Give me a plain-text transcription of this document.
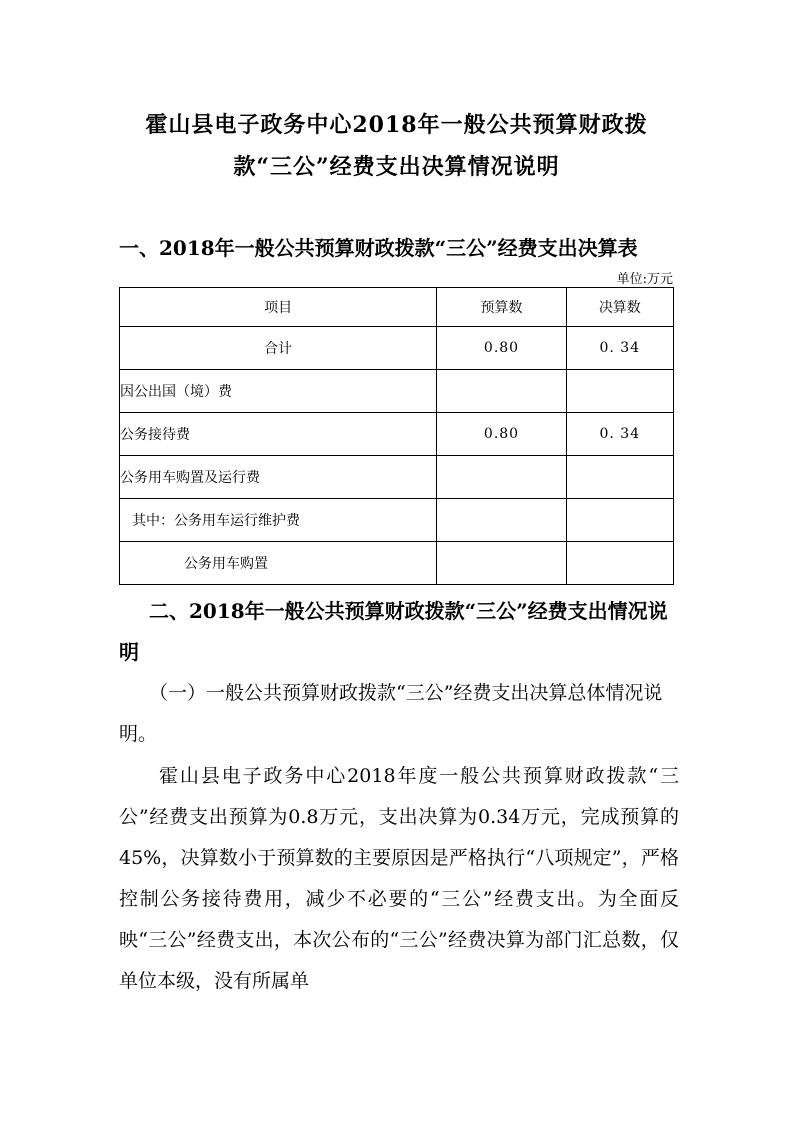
霍山县电子政务中心2018年一般公共预算财政拨
款“三公”经费支出决算情况说明
一、2018年一般公共预算财政拨款“三公”经费支出决算表
单位:万元
项目	预算数	决算数
合计	0.80	0. 34
因公出国（境）费		
公务接待费	0.80	0. 34
公务用车购置及运行费		
其中：公务用车运行维护费		
公务用车购置		
二、2018年一般公共预算财政拨款“三公”经费支出情况说明
（一）一般公共预算财政拨款“三公”经费支出决算总体情况说明。
霍山县电子政务中心2018年度一般公共预算财政拨款“三公”经费支出预算为0.8万元，支出决算为0.34万元，完成预算的45%，决算数小于预算数的主要原因是严格执行“八项规定”，严格控制公务接待费用，减少不必要的“三公”经费支出。为全面反映“三公”经费支出，本次公布的“三公”经费决算为部门汇总数，仅单位本级，没有所属单
